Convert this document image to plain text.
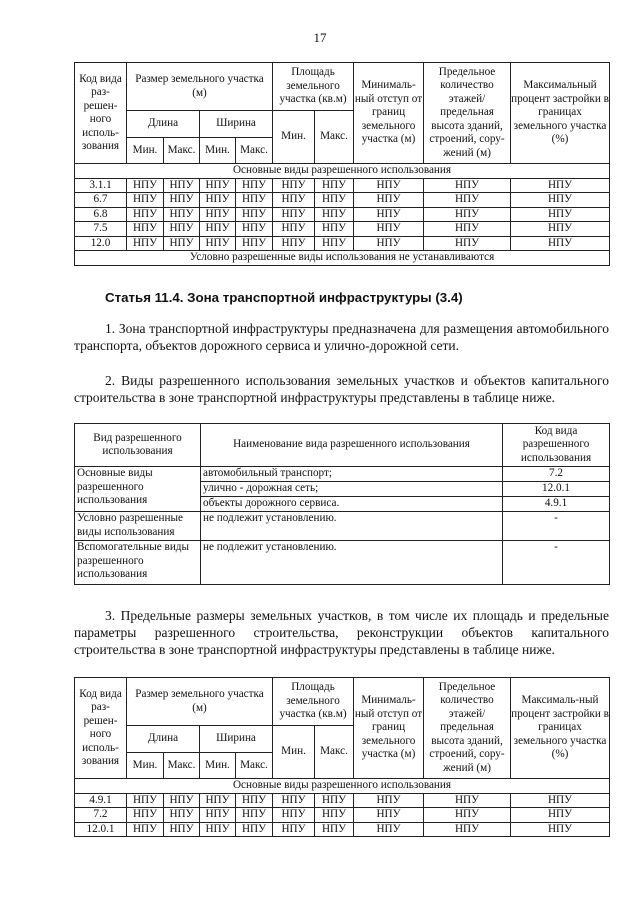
17
Код вида раз-решен-ного исполь-зования	Размер земельного участка (м)				Площадь земельного участка (кв.м)		Минималь-ный отступ от границ земельного участка (м)	Предельное количество этажей/ предельная высота зданий, строений, сору-жений (м)	Максимальный процент застройки в границах земельного участка (%)
	Длина		Ширина		Мин.	Макс.			
	Мин.	Макс.	Мин.	Макс.					
Основные виды разрешенного использования									
3.1.1	НПУ	НПУ	НПУ	НПУ	НПУ	НПУ	НПУ	НПУ	НПУ
6.7	НПУ	НПУ	НПУ	НПУ	НПУ	НПУ	НПУ	НПУ	НПУ
6.8	НПУ	НПУ	НПУ	НПУ	НПУ	НПУ	НПУ	НПУ	НПУ
7.5	НПУ	НПУ	НПУ	НПУ	НПУ	НПУ	НПУ	НПУ	НПУ
12.0	НПУ	НПУ	НПУ	НПУ	НПУ	НПУ	НПУ	НПУ	НПУ
Условно разрешенные виды использования не устанавливаются									
Статья 11.4. Зона транспортной инфраструктуры (3.4)

1. Зона транспортной инфраструктуры предназначена для размещения автомобильного транспорта, объектов дорожного сервиса и улично-дорожной сети.

2. Виды разрешенного использования земельных участков и объектов капитального строительства в зоне транспортной инфраструктуры представлены в таблице ниже.

Вид разрешенного использования	Наименование вида разрешенного использования	Код вида разрешенного использования
Основные виды разрешенного использования	автомобильный транспорт;	7.2
	улично - дорожная сеть;	12.0.1
	объекты дорожного сервиса.	4.9.1
Условно разрешенные виды использования	не подлежит установлению.	-
Вспомогательные виды разрешенного использования	не подлежит установлению.	-

3. Предельные размеры земельных участков, в том числе их площадь и предельные параметры разрешенного строительства, реконструкции объектов капитального строительства в зоне транспортной инфраструктуры представлены в таблице ниже.

Код вида раз-решен-ного исполь-зования	Размер земельного участка (м)				Площадь земельного участка (кв.м)		Минималь-ный отступ от границ земельного участка (м)	Предельное количество этажей/ предельная высота зданий, строений, сору-жений (м)	Максималь-ный процент застройки в границах земельного участка (%)
	Длина		Ширина		Мин.	Макс.			
	Мин.	Макс.	Мин.	Макс.					
Основные виды разрешенного использования									
4.9.1	НПУ	НПУ	НПУ	НПУ	НПУ	НПУ	НПУ	НПУ	НПУ
7.2	НПУ	НПУ	НПУ	НПУ	НПУ	НПУ	НПУ	НПУ	НПУ
12.0.1	НПУ	НПУ	НПУ	НПУ	НПУ	НПУ	НПУ	НПУ	НПУ
